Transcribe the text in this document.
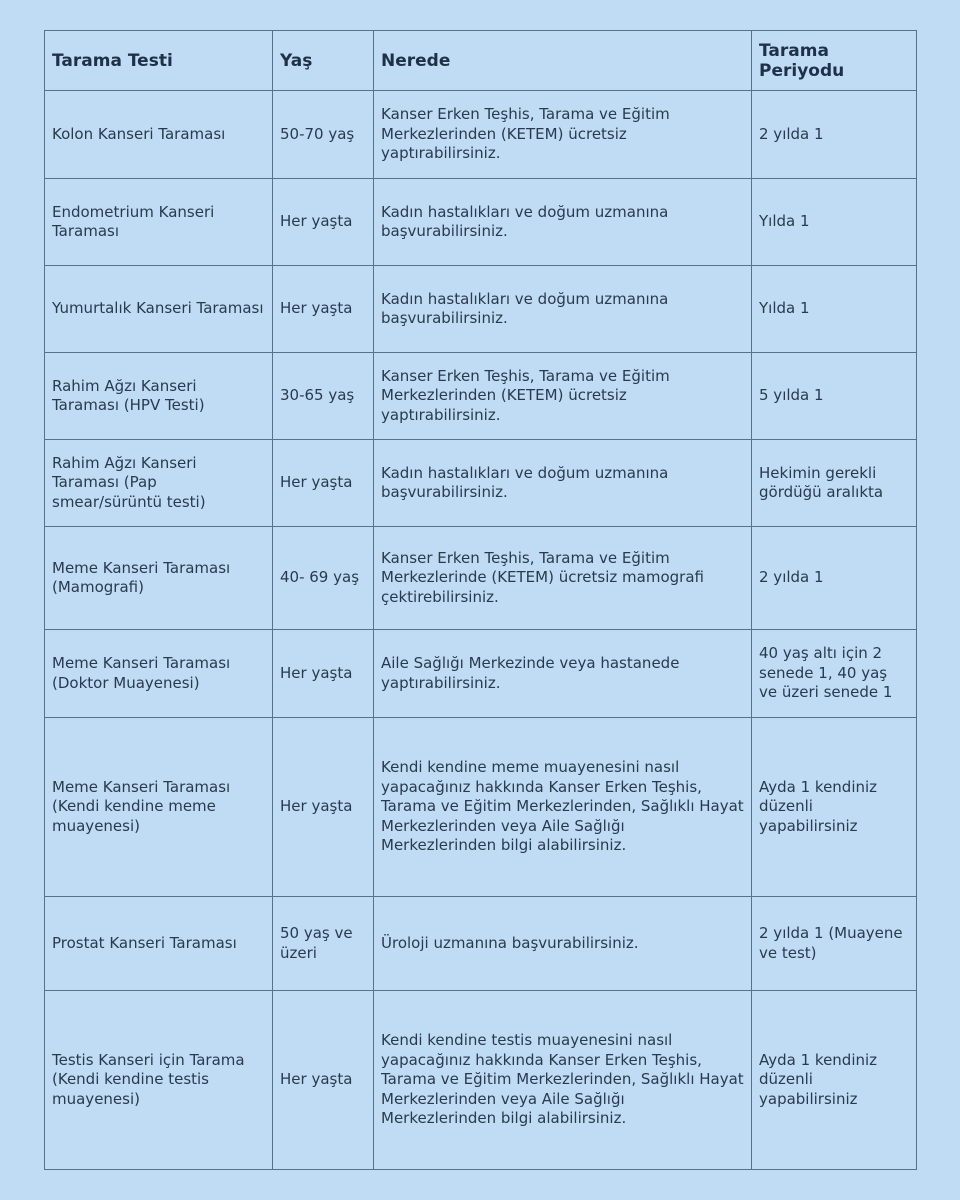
Tarama Testi	Yaş	Nerede	Tarama Periyodu
Kolon Kanseri Taraması	50-70 yaş	Kanser Erken Teşhis, Tarama ve Eğitim Merkezlerinden (KETEM) ücretsiz yaptırabilirsiniz.	2 yılda 1
Endometrium Kanseri Taraması	Her yaşta	Kadın hastalıkları ve doğum uzmanına başvurabilirsiniz.	Yılda 1
Yumurtalık Kanseri Taraması	Her yaşta	Kadın hastalıkları ve doğum uzmanına başvurabilirsiniz.	Yılda 1
Rahim Ağzı Kanseri Taraması (HPV Testi)	30-65 yaş	Kanser Erken Teşhis, Tarama ve Eğitim Merkezlerinden (KETEM) ücretsiz yaptırabilirsiniz.	5 yılda 1
Rahim Ağzı Kanseri Taraması (Pap smear/sürüntü testi)	Her yaşta	Kadın hastalıkları ve doğum uzmanına başvurabilirsiniz.	Hekimin gerekli gördüğü aralıkta
Meme Kanseri Taraması (Mamografi)	40- 69 yaş	Kanser Erken Teşhis, Tarama ve Eğitim Merkezlerinde (KETEM) ücretsiz mamografi çektirebilirsiniz.	2 yılda 1
Meme Kanseri Taraması (Doktor Muayenesi)	Her yaşta	Aile Sağlığı Merkezinde veya hastanede yaptırabilirsiniz.	40 yaş altı için 2 senede 1, 40 yaş ve üzeri senede 1
Meme Kanseri Taraması (Kendi kendine meme muayenesi)	Her yaşta	Kendi kendine meme muayenesini nasıl yapacağınız hakkında Kanser Erken Teşhis, Tarama ve Eğitim Merkezlerinden, Sağlıklı Hayat Merkezlerinden veya Aile Sağlığı Merkezlerinden bilgi alabilirsiniz.	Ayda 1 kendiniz düzenli yapabilirsiniz
Prostat Kanseri Taraması	50 yaş ve üzeri	Üroloji uzmanına başvurabilirsiniz.	2 yılda 1 (Muayene ve test)
Testis Kanseri için Tarama (Kendi kendine testis muayenesi)	Her yaşta	Kendi kendine testis muayenesini nasıl yapacağınız hakkında Kanser Erken Teşhis, Tarama ve Eğitim Merkezlerinden, Sağlıklı Hayat Merkezlerinden veya Aile Sağlığı Merkezlerinden bilgi alabilirsiniz.	Ayda 1 kendiniz düzenli yapabilirsiniz
